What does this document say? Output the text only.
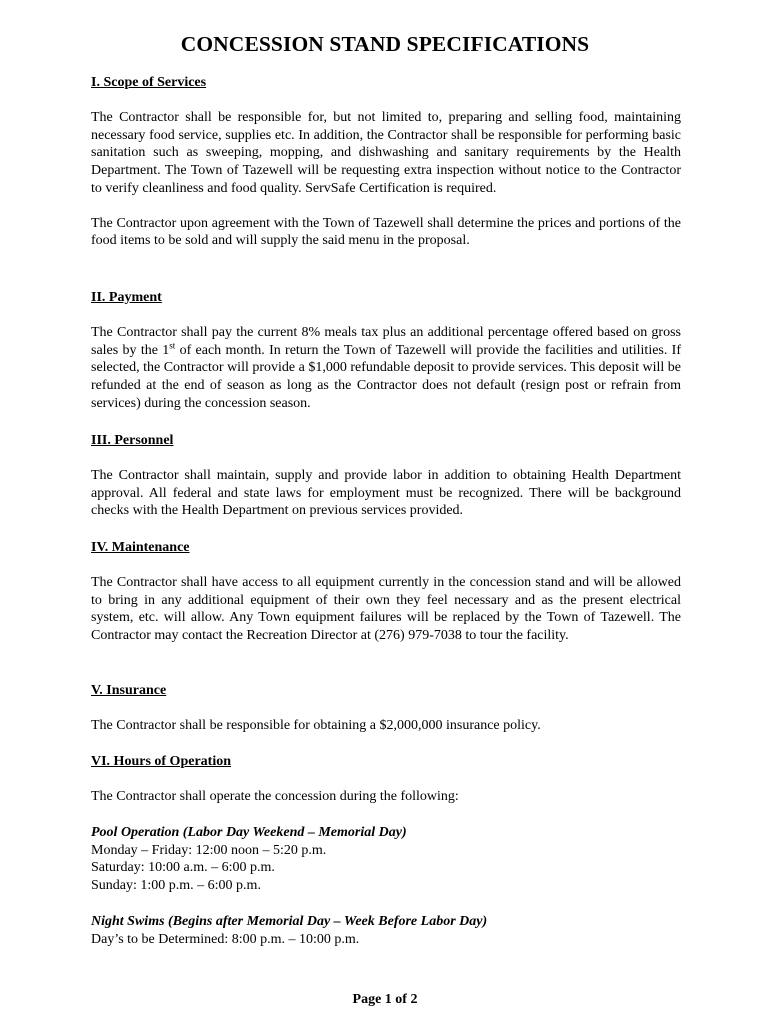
CONCESSION STAND SPECIFICATIONS
I. Scope of Services

The Contractor shall be responsible for, but not limited to, preparing and selling food, maintaining necessary food service, supplies etc. In addition, the Contractor shall be responsible for performing basic sanitation such as sweeping, mopping, and dishwashing and sanitary requirements by the Health Department. The Town of Tazewell will be requesting extra inspection without notice to the Contractor to verify cleanliness and food quality. ServSafe Certification is required.

The Contractor upon agreement with the Town of Tazewell shall determine the prices and portions of the food items to be sold and will supply the said menu in the proposal.

II. Payment

The Contractor shall pay the current 8% meals tax plus an additional percentage offered based on gross sales by the 1st of each month. In return the Town of Tazewell will provide the facilities and utilities. If selected, the Contractor will provide a $1,000 refundable deposit to provide services. This deposit will be refunded at the end of season as long as the Contractor does not default (resign post or refrain from services) during the concession season.

III. Personnel

The Contractor shall maintain, supply and provide labor in addition to obtaining Health Department approval. All federal and state laws for employment must be recognized. There will be background checks with the Health Department on previous services provided.

IV. Maintenance

The Contractor shall have access to all equipment currently in the concession stand and will be allowed to bring in any additional equipment of their own they feel necessary and as the present electrical system, etc. will allow. Any Town equipment failures will be replaced by the Town of Tazewell. The Contractor may contact the Recreation Director at (276) 979-7038 to tour the facility.

V. Insurance

The Contractor shall be responsible for obtaining a $2,000,000 insurance policy.

VI. Hours of Operation

The Contractor shall operate the concession during the following:

Pool Operation (Labor Day Weekend – Memorial Day)
Monday – Friday: 12:00 noon – 5:20 p.m.
Saturday: 10:00 a.m. – 6:00 p.m.
Sunday: 1:00 p.m. – 6:00 p.m.
Night Swims (Begins after Memorial Day – Week Before Labor Day)
Day’s to be Determined: 8:00 p.m. – 10:00 p.m.
Page 1 of 2
